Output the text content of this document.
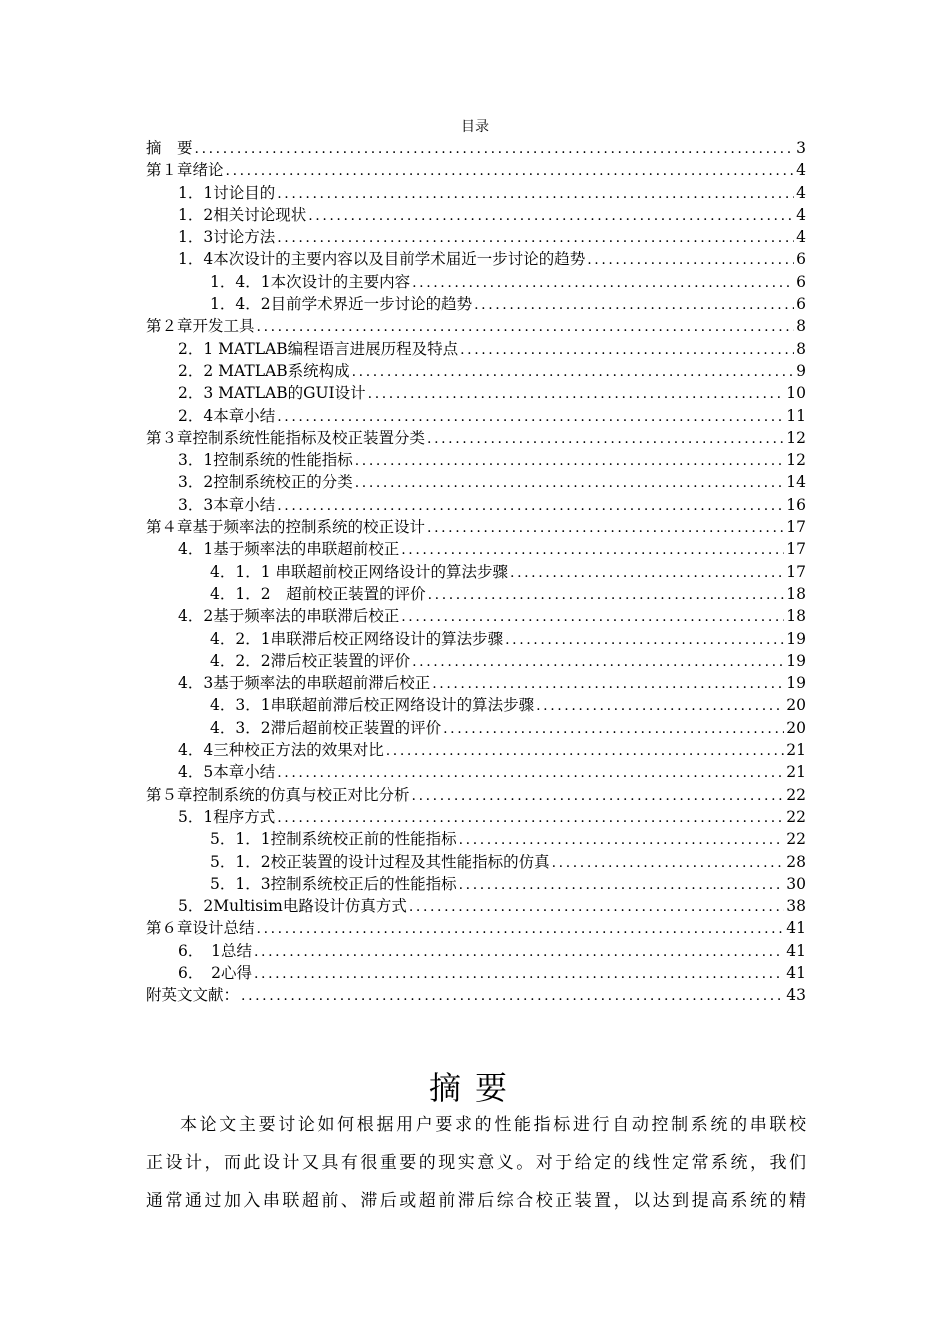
目录
摘　要 .....	3
第１章绪论 .....	4
1．1讨论目的 .....	4
1．2相关讨论现状 .....	4
1．3讨论方法 .....	4
1．4本次设计的主要内容以及目前学术届近一步讨论的趋势 .....	6
1．4．1本次设计的主要内容 .....	6
1．4．2目前学术界近一步讨论的趋势 .....	6
第２章开发工具 .....	8
2．1 MATLAB编程语言进展历程及特点 .....	8
2．2 MATLAB系统构成 .....	9
2．3 MATLAB的GUI设计 .....	10
2．4本章小结 .....	11
第３章控制系统性能指标及校正装置分类 .....	12
3．1控制系统的性能指标 .....	12
3．2控制系统校正的分类 .....	14
3．3本章小结 .....	16
第４章基于频率法的控制系统的校正设计 .....	17
4．1基于频率法的串联超前校正 .....	17
4．1．1 串联超前校正网络设计的算法步骤 .....	17
4．1．2　超前校正装置的评价 .....	18
4．2基于频率法的串联滞后校正 .....	18
4．2．1串联滞后校正网络设计的算法步骤 .....	19
4．2．2滞后校正装置的评价 .....	19
4．3基于频率法的串联超前滞后校正 .....	19
4．3．1串联超前滞后校正网络设计的算法步骤 .....	20
4．3．2滞后超前校正装置的评价 .....	20
4．4三种校正方法的效果对比 .....	21
4．5本章小结 .....	21
第５章控制系统的仿真与校正对比分析 .....	22
5．1程序方式 .....	22
5．1．1控制系统校正前的性能指标 .....	22
5．1．2校正装置的设计过程及其性能指标的仿真 .....	28
5．1．3控制系统校正后的性能指标 .....	30
5．2Multisim电路设计仿真方式 .....	38
第６章设计总结 .....	41
6．　1总结 .....	41
6．　2心得 .....	41
附英文文献： .....	43
摘要
本论文主要讨论如何根据用户要求的性能指标进行自动控制系统的串联校
正设计，而此设计又具有很重要的现实意义。对于给定的线性定常系统，我们
通常通过加入串联超前、滞后或超前滞后综合校正装置，以达到提高系统的精
